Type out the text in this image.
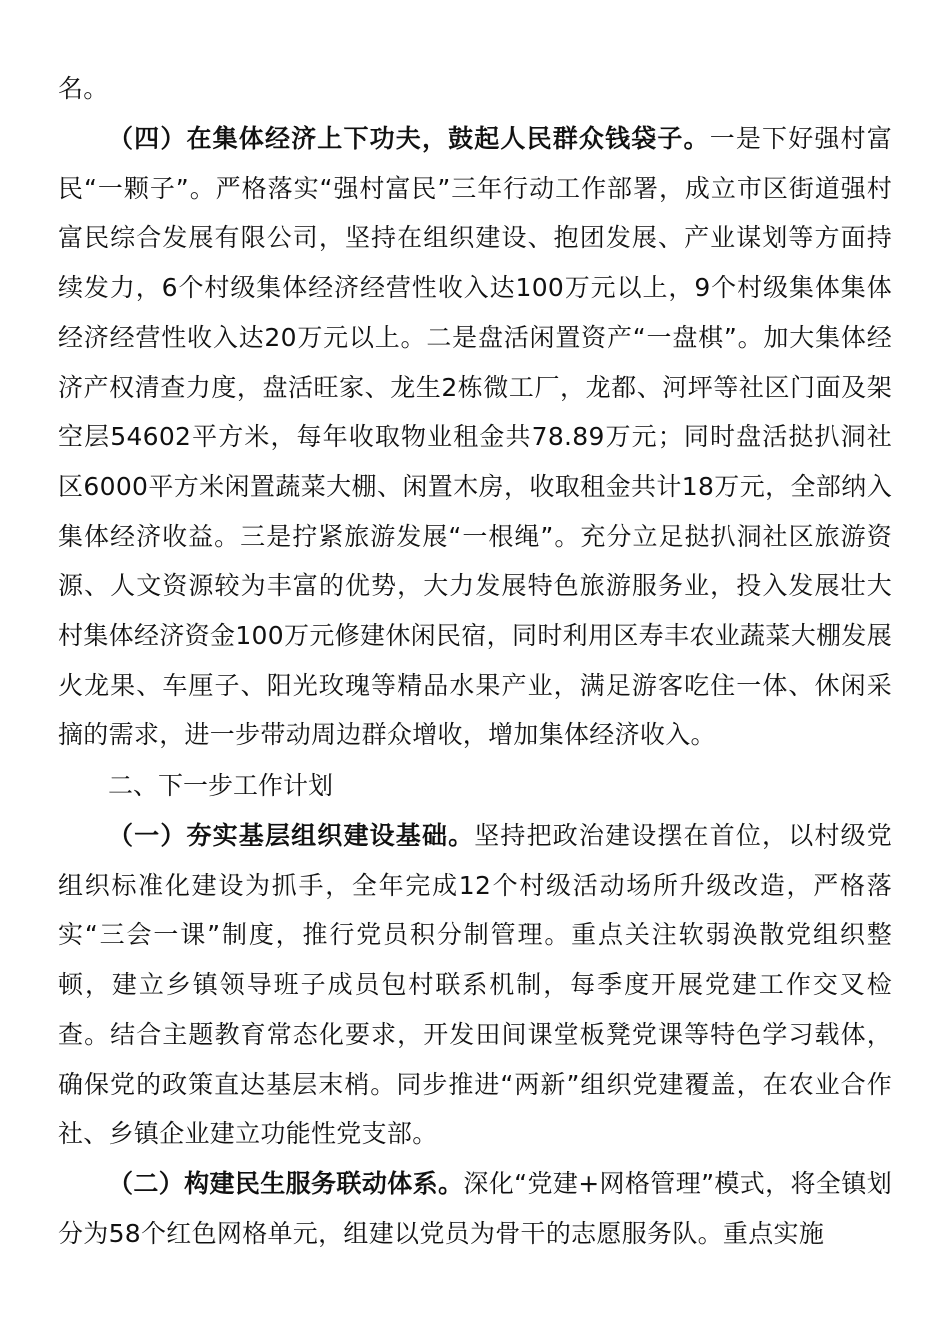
名。

（四）在集体经济上下功夫，鼓起人民群众钱袋子。一是下好强村富民“一颗子”。严格落实“强村富民”三年行动工作部署，成立市区街道强村富民综合发展有限公司，坚持在组织建设、抱团发展、产业谋划等方面持续发力，6个村级集体经济经营性收入达100万元以上，9个村级集体集体经济经营性收入达20万元以上。二是盘活闲置资产“一盘棋”。加大集体经济产权清查力度，盘活旺家、龙生2栋微工厂，龙都、河坪等社区门面及架空层54602平方米，每年收取物业租金共78.89万元；同时盘活挞扒洞社区6000平方米闲置蔬菜大棚、闲置木房，收取租金共计18万元，全部纳入集体经济收益。三是拧紧旅游发展“一根绳”。充分立足挞扒洞社区旅游资源、人文资源较为丰富的优势，大力发展特色旅游服务业，投入发展壮大村集体经济资金100万元修建休闲民宿，同时利用区寿丰农业蔬菜大棚发展火龙果、车厘子、阳光玫瑰等精品水果产业，满足游客吃住一体、休闲采摘的需求，进一步带动周边群众增收，增加集体经济收入。

二、下一步工作计划

（一）夯实基层组织建设基础。坚持把政治建设摆在首位，以村级党组织标准化建设为抓手，全年完成12个村级活动场所升级改造，严格落实“三会一课”制度，推行党员积分制管理。重点关注软弱涣散党组织整顿，建立乡镇领导班子成员包村联系机制，每季度开展党建工作交叉检查。结合主题教育常态化要求，开发田间课堂板凳党课等特色学习载体，确保党的政策直达基层末梢。同步推进“两新”组织党建覆盖，在农业合作社、乡镇企业建立功能性党支部。

（二）构建民生服务联动体系。深化“党建+网格管理”模式，将全镇划分为58个红色网格单元，组建以党员为骨干的志愿服务队。重点实施
